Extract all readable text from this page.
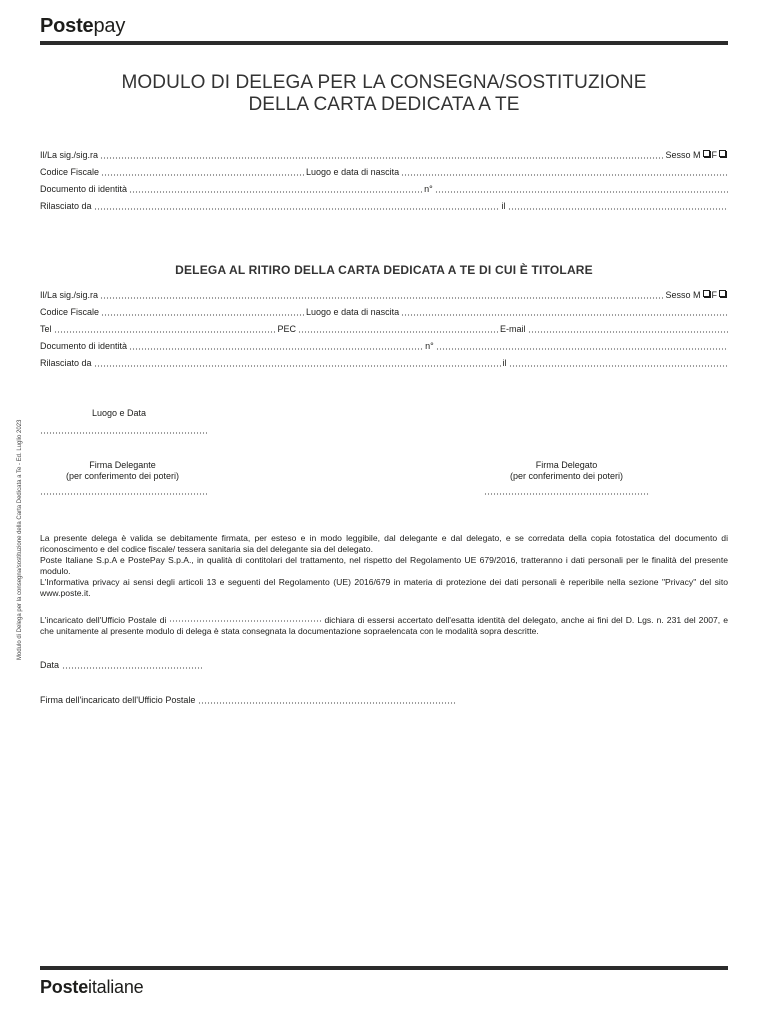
Postepay
MODULO DI DELEGA PER LA CONSEGNA/SOSTITUZIONE
DELLA CARTA DEDICATA A TE
Modulo di Delega per la consegna/sostituzione della Carta Dedicata a Te - Ed. Luglio 2023
Il/La sig./sig.ra	Sesso M F
Codice Fiscale	Luogo e data di nascita
Documento di identità	n°
Rilasciato da	il
DELEGA AL RITIRO DELLA CARTA DEDICATA A TE DI CUI È TITOLARE
Il/La sig./sig.ra	Sesso M F
Codice Fiscale	Luogo e data di nascita
Tel	PEC	E-mail
Documento di identità	n°
Rilasciato da	il
Luogo e Data
Firma Delegante
(per conferimento dei poteri)
Firma Delegato
(per conferimento dei poteri)

La presente delega è valida se debitamente firmata, per esteso e in modo leggibile, dal delegante e dal delegato, e se corredata della copia fotostatica del documento di riconoscimento e del codice fiscale/ tessera sanitaria sia del delegante sia del delegato.

Poste Italiane S.p.A e PostePay S.p.A., in qualità di contitolari del trattamento, nel rispetto del Regolamento UE 679/2016, tratteranno i dati personali per le finalità del presente modulo.

L'Informativa privacy ai sensi degli articoli 13 e seguenti del Regolamento (UE) 2016/679 in materia di protezione dei dati personali è reperibile nella sezione "Privacy" del sito www.poste.it.

L'incaricato dell'Ufficio Postale di	dichiara di essersi accertato dell'esatta identità del delegato, anche ai fini del D. Lgs. n. 231 del 2007, e che unitamente al presente modulo di delega è stata consegnata la documentazione sopraelencata con le modalità sopra descritte.

Data
Firma dell'incaricato dell'Ufficio Postale
Posteitaliane
